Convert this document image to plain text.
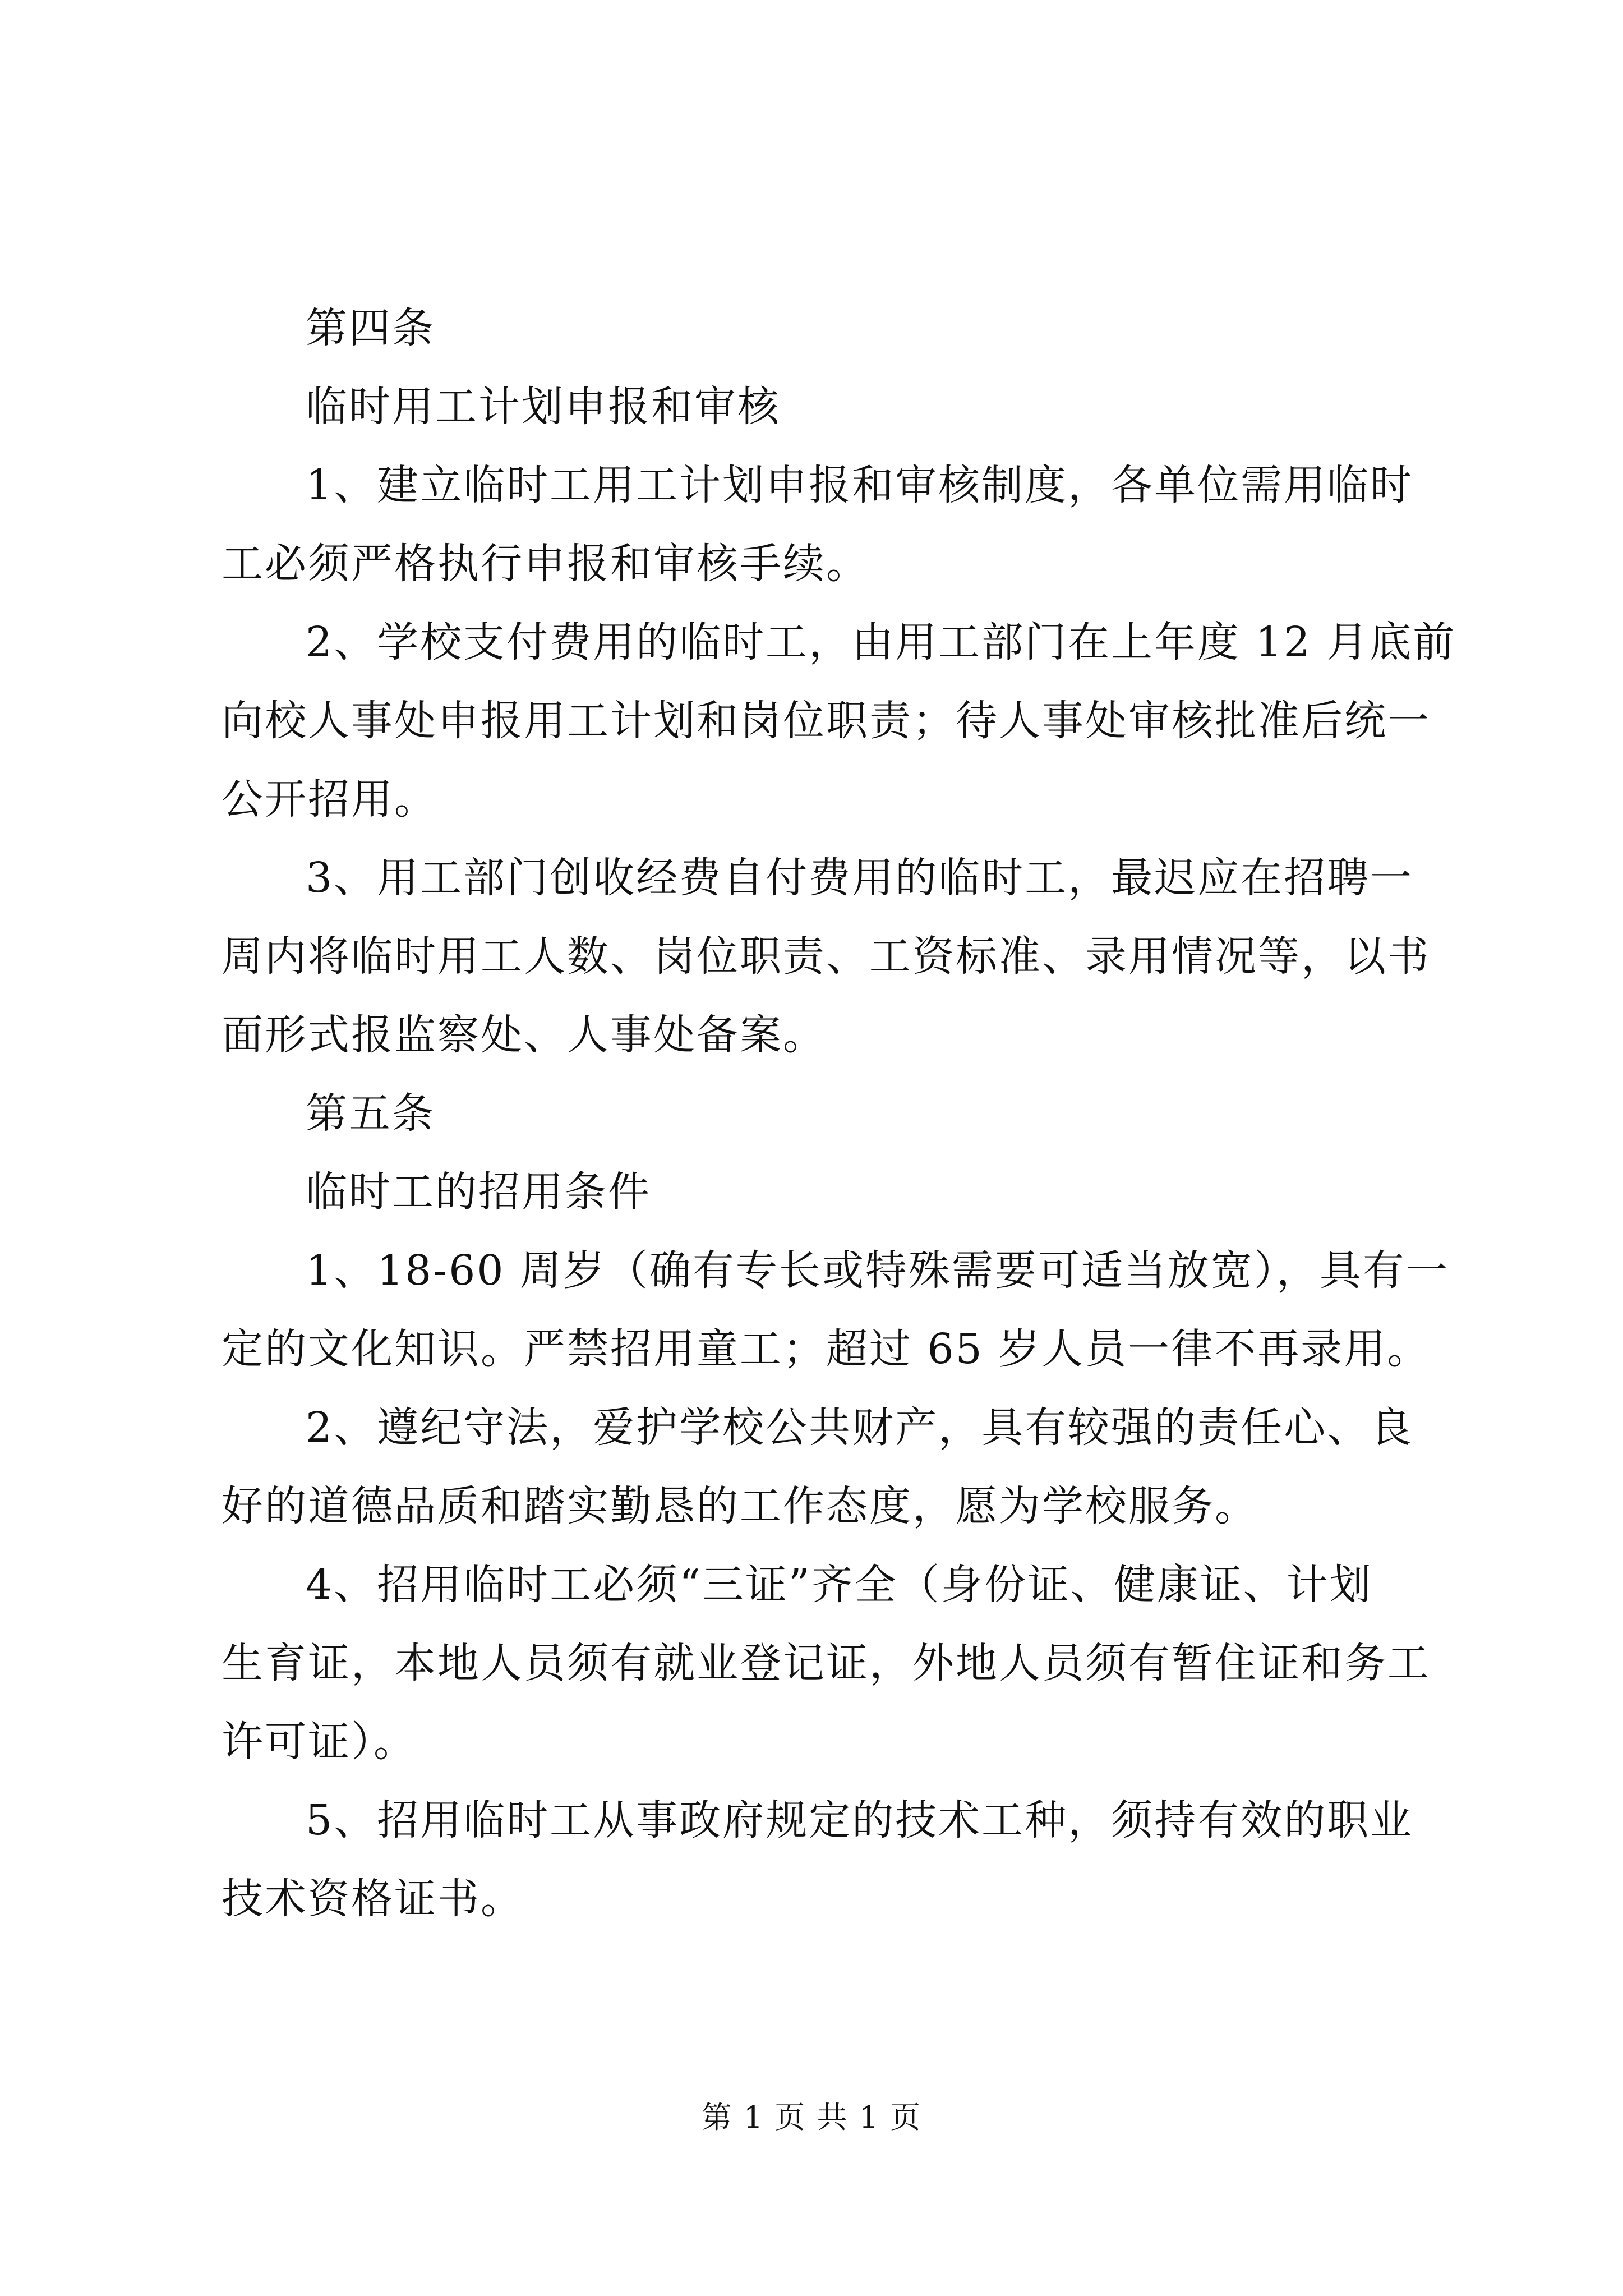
第四条

临时用工计划申报和审核

1、建立临时工用工计划申报和审核制度，各单位需用临时
工必须严格执行申报和审核手续。
2、学校支付费用的临时工，由用工部门在上年度 12 月底前
向校人事处申报用工计划和岗位职责；待人事处审核批准后统一
公开招用。
3、用工部门创收经费自付费用的临时工，最迟应在招聘一
周内将临时用工人数、岗位职责、工资标准、录用情况等，以书
面形式报监察处、人事处备案。

第五条

临时工的招用条件

1、18-60 周岁（确有专长或特殊需要可适当放宽），具有一
定的文化知识。严禁招用童工；超过 65 岁人员一律不再录用。
2、遵纪守法，爱护学校公共财产，具有较强的责任心、良
好的道德品质和踏实勤恳的工作态度，愿为学校服务。
4、招用临时工必须“三证”齐全（身份证、健康证、计划
生育证，本地人员须有就业登记证，外地人员须有暂住证和务工
许可证）。
5、招用临时工从事政府规定的技术工种，须持有效的职业
技术资格证书。
第 1 页 共 1 页
